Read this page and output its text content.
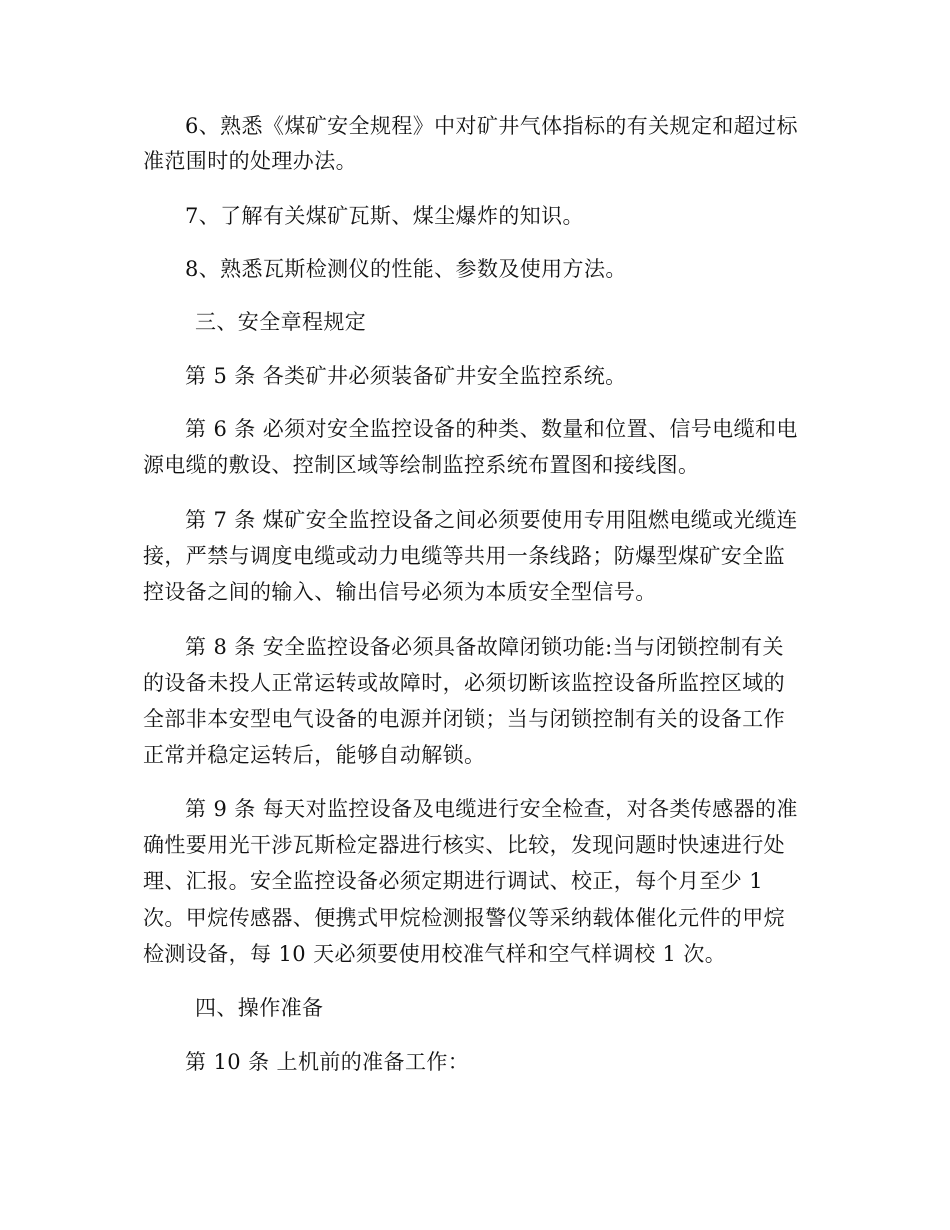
6、熟悉《煤矿安全规程》中对矿井气体指标的有关规定和超过标
准范围时的处理办法。
7、了解有关煤矿瓦斯、煤尘爆炸的知识。
8、熟悉瓦斯检测仪的性能、参数及使用方法。
三、安全章程规定
第 5 条 各类矿井必须装备矿井安全监控系统。
第 6 条 必须对安全监控设备的种类、数量和位置、信号电缆和电
源电缆的敷设、控制区域等绘制监控系统布置图和接线图。
第 7 条 煤矿安全监控设备之间必须要使用专用阻燃电缆或光缆连
接，严禁与调度电缆或动力电缆等共用一条线路；防爆型煤矿安全监
控设备之间的输入、输出信号必须为本质安全型信号。
第 8 条 安全监控设备必须具备故障闭锁功能:当与闭锁控制有关
的设备未投人正常运转或故障时，必须切断该监控设备所监控区域的
全部非本安型电气设备的电源并闭锁；当与闭锁控制有关的设备工作
正常并稳定运转后，能够自动解锁。
第 9 条 每天对监控设备及电缆进行安全检查，对各类传感器的准
确性要用光干涉瓦斯检定器进行核实、比较，发现问题时快速进行处
理、汇报。安全监控设备必须定期进行调试、校正，每个月至少 1
次。甲烷传感器、便携式甲烷检测报警仪等采纳载体催化元件的甲烷
检测设备，每 10 天必须要使用校准气样和空气样调校 1 次。
四、操作准备
第 10 条 上机前的准备工作：
